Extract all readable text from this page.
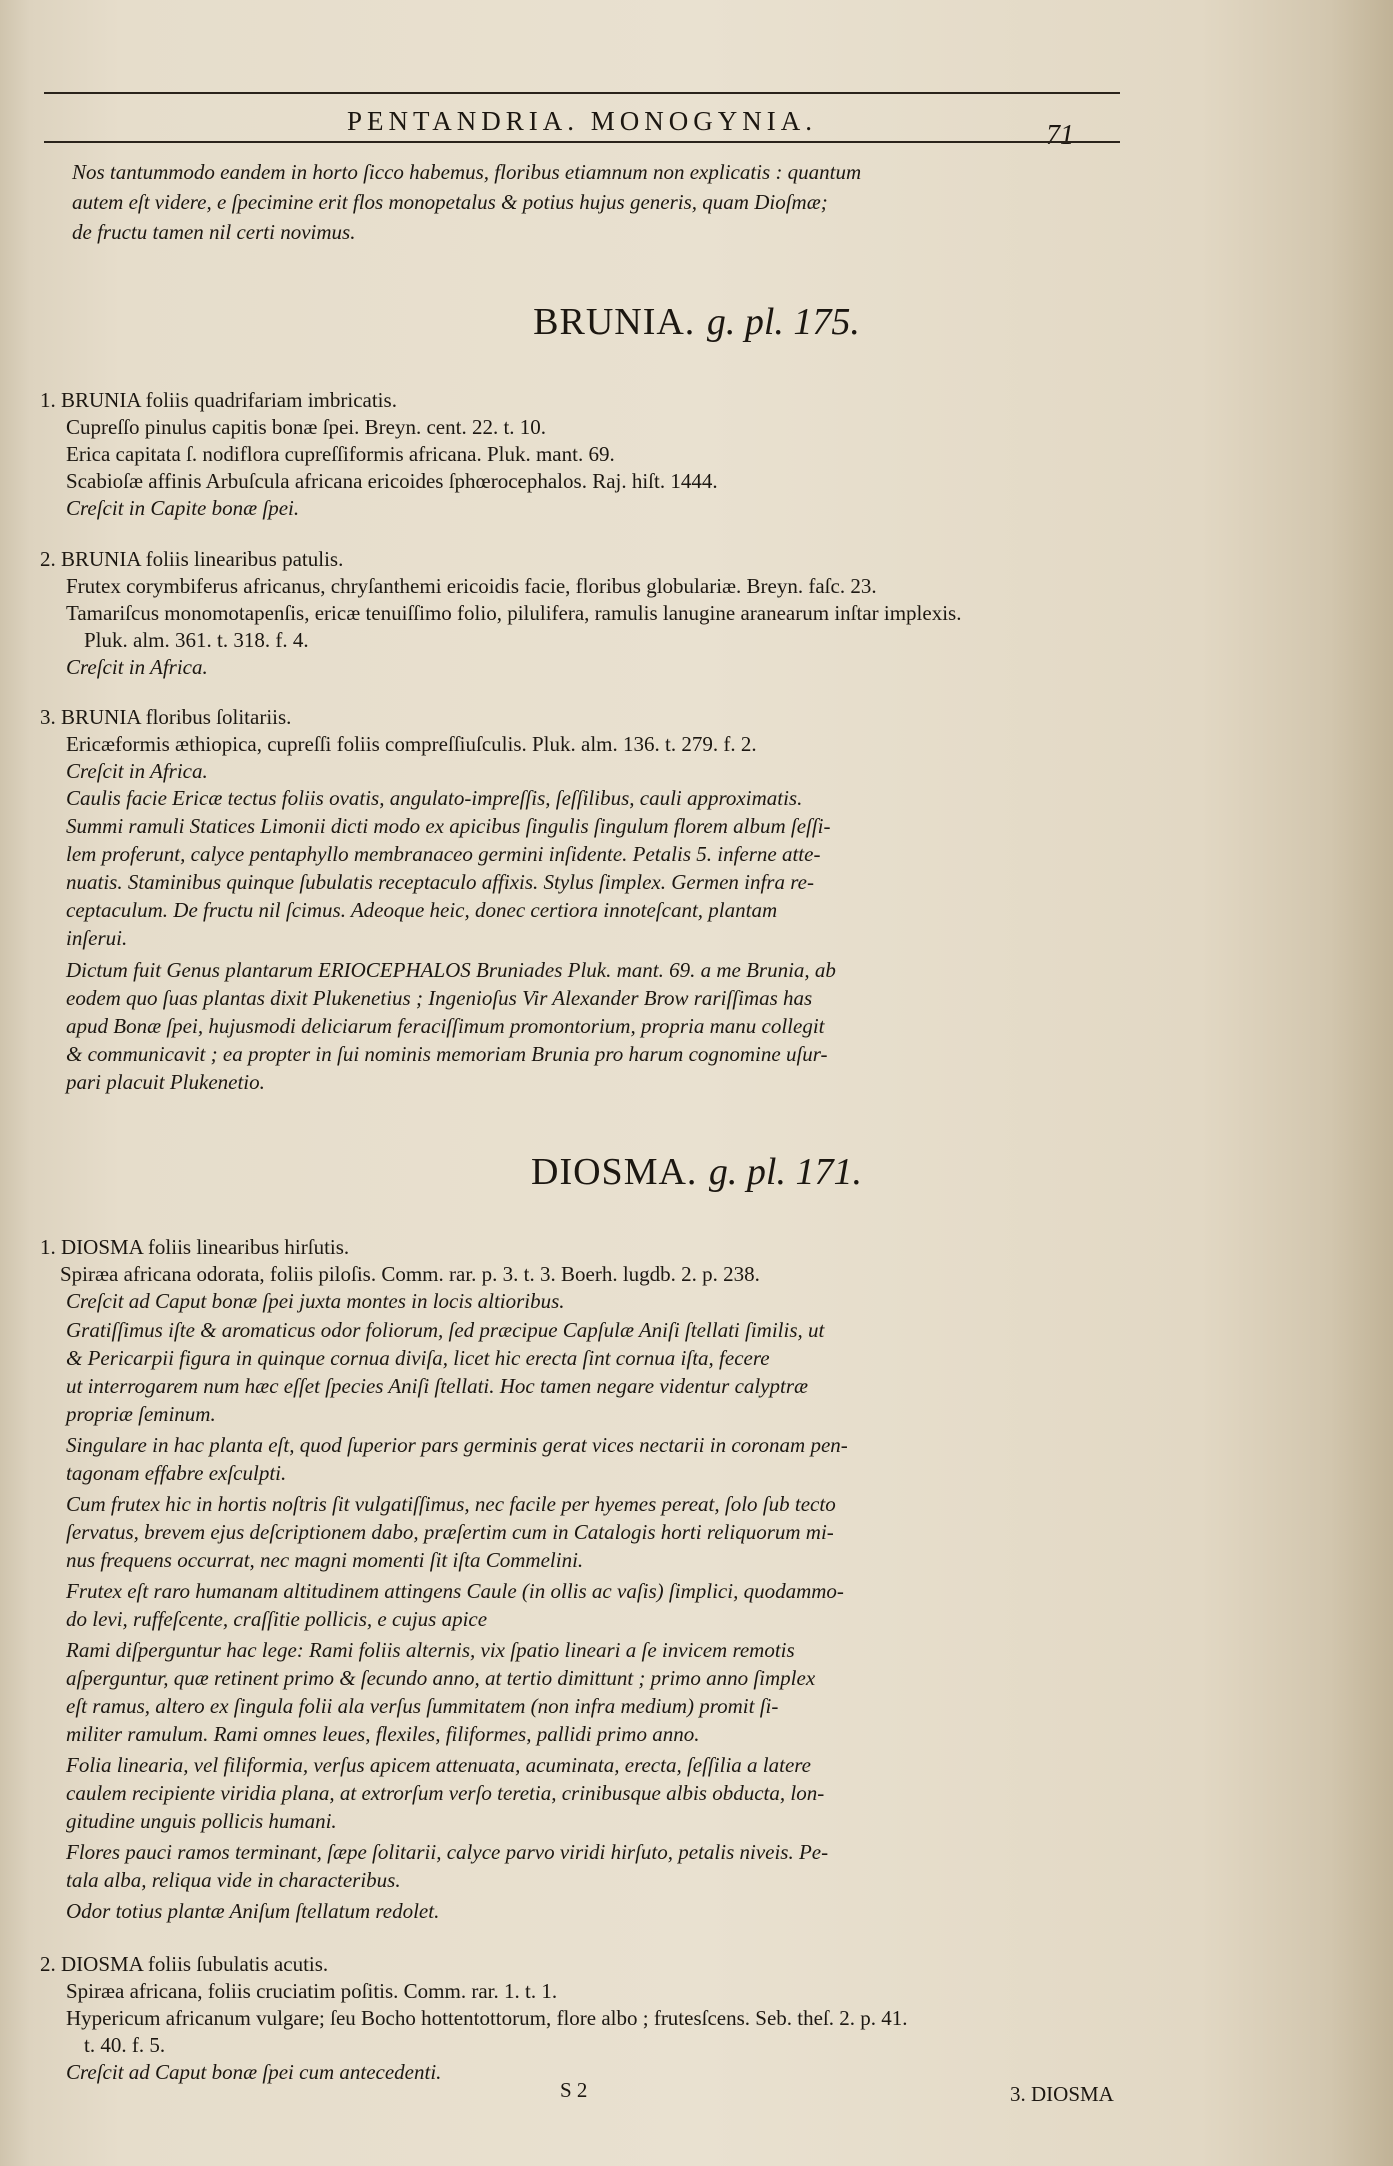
PENTANDRIA. MONOGYNIA.	71
Nos tantummodo eandem in horto ſicco habemus, floribus etiamnum non explicatis : quantum
autem eſt videre, e ſpecimine erit flos monopetalus & potius hujus generis, quam Dioſmæ;
de fructu tamen nil certi novimus.
BRUNIA. g. pl. 175.
1. BRUNIA foliis quadrifariam imbricatis.
Cupreſſo pinulus capitis bonæ ſpei. Breyn. cent. 22. t. 10.
Erica capitata ſ. nodiflora cupreſſiformis africana. Pluk. mant. 69.
Scabioſæ affinis Arbuſcula africana ericoides ſphœrocephalos. Raj. hiſt. 1444.
Creſcit in Capite bonæ ſpei.
2. BRUNIA foliis linearibus patulis.
Frutex corymbiferus africanus, chryſanthemi ericoidis facie, floribus globulariæ. Breyn. faſc. 23.
Tamariſcus monomotapenſis, ericæ tenuiſſimo folio, pilulifera, ramulis lanugine aranearum inſtar implexis.
Pluk. alm. 361. t. 318. f. 4.
Creſcit in Africa.
3. BRUNIA floribus ſolitariis.
Ericæformis æthiopica, cupreſſi foliis compreſſiuſculis. Pluk. alm. 136. t. 279. f. 2.
Creſcit in Africa.
Caulis facie Ericæ tectus foliis ovatis, angulato-impreſſis, ſeſſilibus, cauli approximatis.
Summi ramuli Statices Limonii dicti modo ex apicibus ſingulis ſingulum florem album ſeſſi-
lem proferunt, calyce pentaphyllo membranaceo germini inſidente. Petalis 5. inferne atte-
nuatis. Staminibus quinque ſubulatis receptaculo affixis. Stylus ſimplex. Germen infra re-
ceptaculum. De fructu nil ſcimus. Adeoque heic, donec certiora innoteſcant, plantam
inſerui.
Dictum fuit Genus plantarum ERIOCEPHALOS Bruniades Pluk. mant. 69. a me Brunia, ab
eodem quo ſuas plantas dixit Plukenetius ; Ingenioſus Vir Alexander Brow rariſſimas has
apud Bonæ ſpei, hujusmodi deliciarum feraciſſimum promontorium, propria manu collegit
& communicavit ; ea propter in ſui nominis memoriam Brunia pro harum cognomine uſur-
pari placuit Plukenetio.
DIOSMA. g. pl. 171.
1. DIOSMA foliis linearibus hirſutis.
Spiræa africana odorata, foliis piloſis. Comm. rar. p. 3. t. 3. Boerh. lugdb. 2. p. 238.
Creſcit ad Caput bonæ ſpei juxta montes in locis altioribus.
Gratiſſimus iſte & aromaticus odor foliorum, ſed præcipue Capſulæ Aniſi ſtellati ſimilis, ut
& Pericarpii figura in quinque cornua diviſa, licet hic erecta ſint cornua iſta, fecere
ut interrogarem num hæc eſſet ſpecies Aniſi ſtellati. Hoc tamen negare videntur calyptræ
propriæ ſeminum.
Singulare in hac planta eſt, quod ſuperior pars germinis gerat vices nectarii in coronam pen-
tagonam effabre exſculpti.
Cum frutex hic in hortis noſtris ſit vulgatiſſimus, nec facile per hyemes pereat, ſolo ſub tecto
ſervatus, brevem ejus deſcriptionem dabo, præſertim cum in Catalogis horti reliquorum mi-
nus frequens occurrat, nec magni momenti ſit iſta Commelini.
Frutex eſt raro humanam altitudinem attingens Caule (in ollis ac vaſis) ſimplici, quodammo-
do levi, ruffeſcente, craſſitie pollicis, e cujus apice
Rami diſperguntur hac lege: Rami foliis alternis, vix ſpatio lineari a ſe invicem remotis
aſperguntur, quæ retinent primo & ſecundo anno, at tertio dimittunt ; primo anno ſimplex
eſt ramus, altero ex ſingula folii ala verſus ſummitatem (non infra medium) promit ſi-
militer ramulum. Rami omnes leues, flexiles, filiformes, pallidi primo anno.
Folia linearia, vel filiformia, verſus apicem attenuata, acuminata, erecta, ſeſſilia a latere
caulem recipiente viridia plana, at extrorſum verſo teretia, crinibusque albis obducta, lon-
gitudine unguis pollicis humani.
Flores pauci ramos terminant, ſæpe ſolitarii, calyce parvo viridi hirſuto, petalis niveis. Pe-
tala alba, reliqua vide in characteribus.
Odor totius plantæ Aniſum ſtellatum redolet.
2. DIOSMA foliis ſubulatis acutis.
Spiræa africana, foliis cruciatim poſitis. Comm. rar. 1. t. 1.
Hypericum africanum vulgare; ſeu Bocho hottentottorum, flore albo ; frutesſcens. Seb. theſ. 2. p. 41.
t. 40. f. 5.
Creſcit ad Caput bonæ ſpei cum antecedenti.
S 2	3. DIOSMA
